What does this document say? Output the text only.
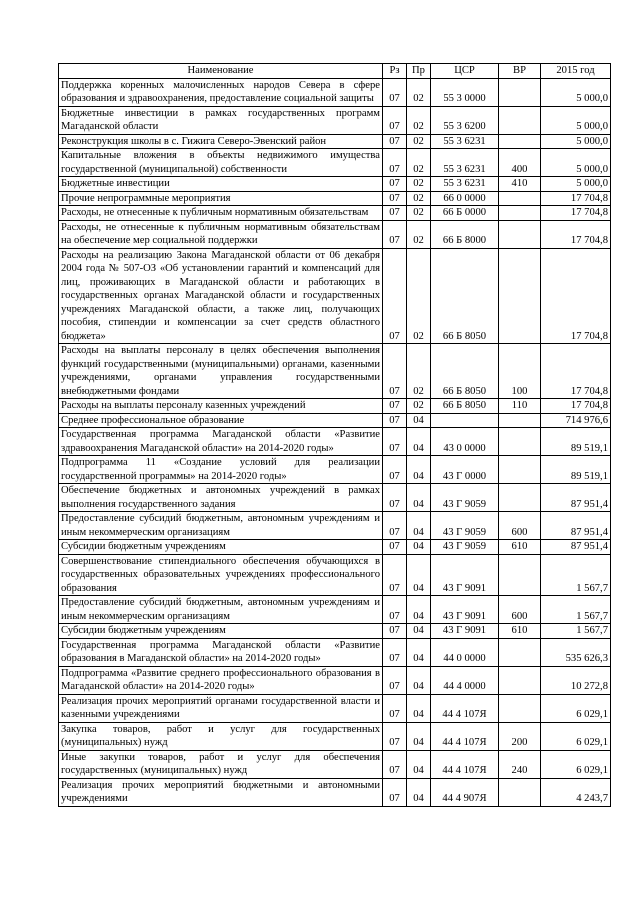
Наименование	Рз	Пр	ЦСР	ВР	2015 год
Поддержка коренных малочисленных народов Севера в сфере образования и здравоохранения, предоставление социальной защиты	07	02	55 3 0000		5 000,0
Бюджетные инвестиции в рамках государственных программ Магаданской области	07	02	55 3 6200		5 000,0
Реконструкция школы в с. Гижига Северо-Эвенский район	07	02	55 3 6231		5 000,0
Капитальные вложения в объекты недвижимого имущества государственной (муниципальной) собственности	07	02	55 3 6231	400	5 000,0
Бюджетные инвестиции	07	02	55 3 6231	410	5 000,0
Прочие непрограммные мероприятия	07	02	66 0 0000		17 704,8
Расходы, не отнесенные к публичным нормативным обязательствам	07	02	66 Б 0000		17 704,8
Расходы, не отнесенные к публичным нормативным обязательствам на обеспечение мер социальной поддержки	07	02	66 Б 8000		17 704,8
Расходы на реализацию Закона Магаданской области от 06 декабря 2004 года № 507-ОЗ «Об установлении гарантий и компенсаций для лиц, проживающих в Магаданской области и работающих в государственных органах Магаданской области и государственных учреждениях Магаданской области, а также лиц, получающих пособия, стипендии и компенсации за счет средств областного бюджета»	07	02	66 Б 8050		17 704,8
Расходы на выплаты персоналу в целях обеспечения выполнения функций государственными (муниципальными) органами, казенными учреждениями, органами управления государственными внебюджетными фондами	07	02	66 Б 8050	100	17 704,8
Расходы на выплаты персоналу казенных учреждений	07	02	66 Б 8050	110	17 704,8
Среднее профессиональное образование	07	04			714 976,6
Государственная программа Магаданской области «Развитие здравоохранения Магаданской области» на 2014-2020 годы»	07	04	43 0 0000		89 519,1
Подпрограмма 11 «Создание условий для реализации государственной программы» на 2014-2020 годы»	07	04	43 Г 0000		89 519,1
Обеспечение бюджетных и автономных учреждений в рамках выполнения государственного задания	07	04	43 Г 9059		87 951,4
Предоставление субсидий бюджетным, автономным учреждениям и иным некоммерческим организациям	07	04	43 Г 9059	600	87 951,4
Субсидии бюджетным учреждениям	07	04	43 Г 9059	610	87 951,4
Совершенствование стипендиального обеспечения обучающихся в государственных образовательных учреждениях профессионального образования	07	04	43 Г 9091		1 567,7
Предоставление субсидий бюджетным, автономным учреждениям и иным некоммерческим организациям	07	04	43 Г 9091	600	1 567,7
Субсидии бюджетным учреждениям	07	04	43 Г 9091	610	1 567,7
Государственная программа Магаданской области «Развитие образования в Магаданской области» на 2014-2020 годы»	07	04	44 0 0000		535 626,3
Подпрограмма «Развитие среднего профессионального образования в Магаданской области» на 2014-2020 годы»	07	04	44 4 0000		10 272,8
Реализация прочих мероприятий органами государственной власти и казенными учреждениями	07	04	44 4 107Я		6 029,1
Закупка товаров, работ и услуг для государственных (муниципальных) нужд	07	04	44 4 107Я	200	6 029,1
Иные закупки товаров, работ и услуг для обеспечения государственных (муниципальных) нужд	07	04	44 4 107Я	240	6 029,1
Реализация прочих мероприятий бюджетными и автономными учреждениями	07	04	44 4 907Я		4 243,7
